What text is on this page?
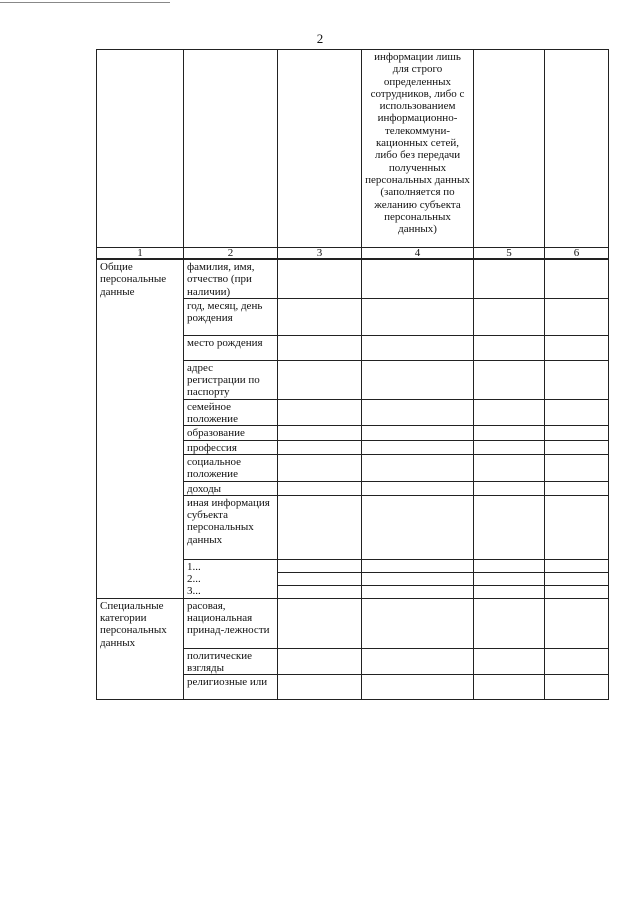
2
			информации лишь для строго определенных сотрудников, либо с использованием информационно-телекоммуни-кационных сетей, либо без передачи полученных персональных данных (заполняется по желанию субъекта персональных данных)		
1	2	3	4	5	6
Общие персональные данные	фамилия, имя, отчество (при наличии)				
	год, месяц, день рождения				
	место рождения				
	адрес регистрации по паспорту				
	семейное положение				
	образование				
	профессия				
	социальное положение				
	доходы				
	иная информация субъекта персональных данных				

	1...
2...
3...				

Специальные категории персональных данных	расовая, национальная принад-лежности				
	политические взгляды				
	религиозные или				
